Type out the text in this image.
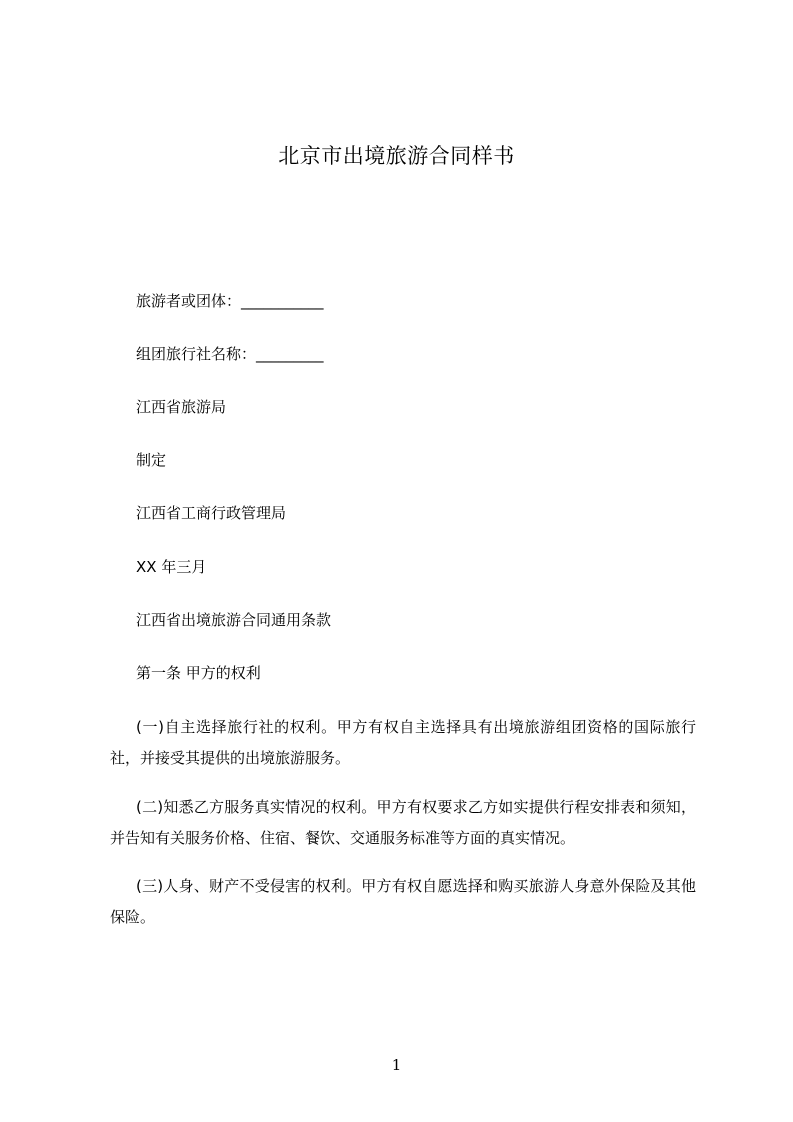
北京市出境旅游合同样书
旅游者或团体：___________
组团旅行社名称：_________
江西省旅游局
制定
江西省工商行政管理局
XX 年三月
江西省出境旅游合同通用条款
第一条 甲方的权利
(一)自主选择旅行社的权利。甲方有权自主选择具有出境旅游组团资格的国际旅行社，并接受其提供的出境旅游服务。
(二)知悉乙方服务真实情况的权利。甲方有权要求乙方如实提供行程安排表和须知，并告知有关服务价格、住宿、餐饮、交通服务标准等方面的真实情况。
(三)人身、财产不受侵害的权利。甲方有权自愿选择和购买旅游人身意外保险及其他保险。
1
